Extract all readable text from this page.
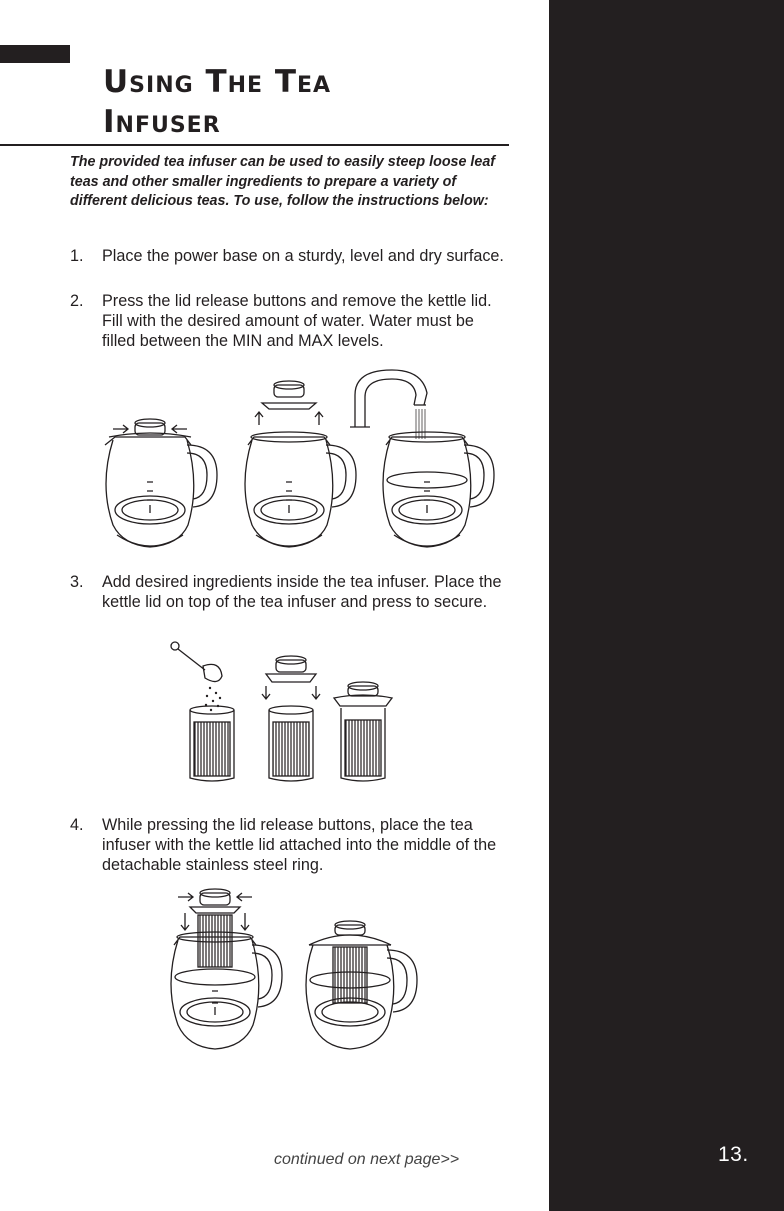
Using The Tea
Infuser

The provided tea infuser can be used to easily steep loose leaf teas and other smaller ingredients to prepare a variety of different delicious teas. To use, follow the instructions below:

1.	Place the power base on a sturdy, level and dry surface.
2.	Press the lid release buttons and remove the kettle lid. Fill with the desired amount of water. Water must be filled between the MIN and MAX levels.
3.	Add desired ingredients inside the tea infuser. Place the kettle lid on top of the tea infuser and press to secure.
4.	While pressing the lid release buttons, place the tea infuser with the kettle lid attached into the middle of the detachable stainless steel ring.
continued on next page>>	13.
